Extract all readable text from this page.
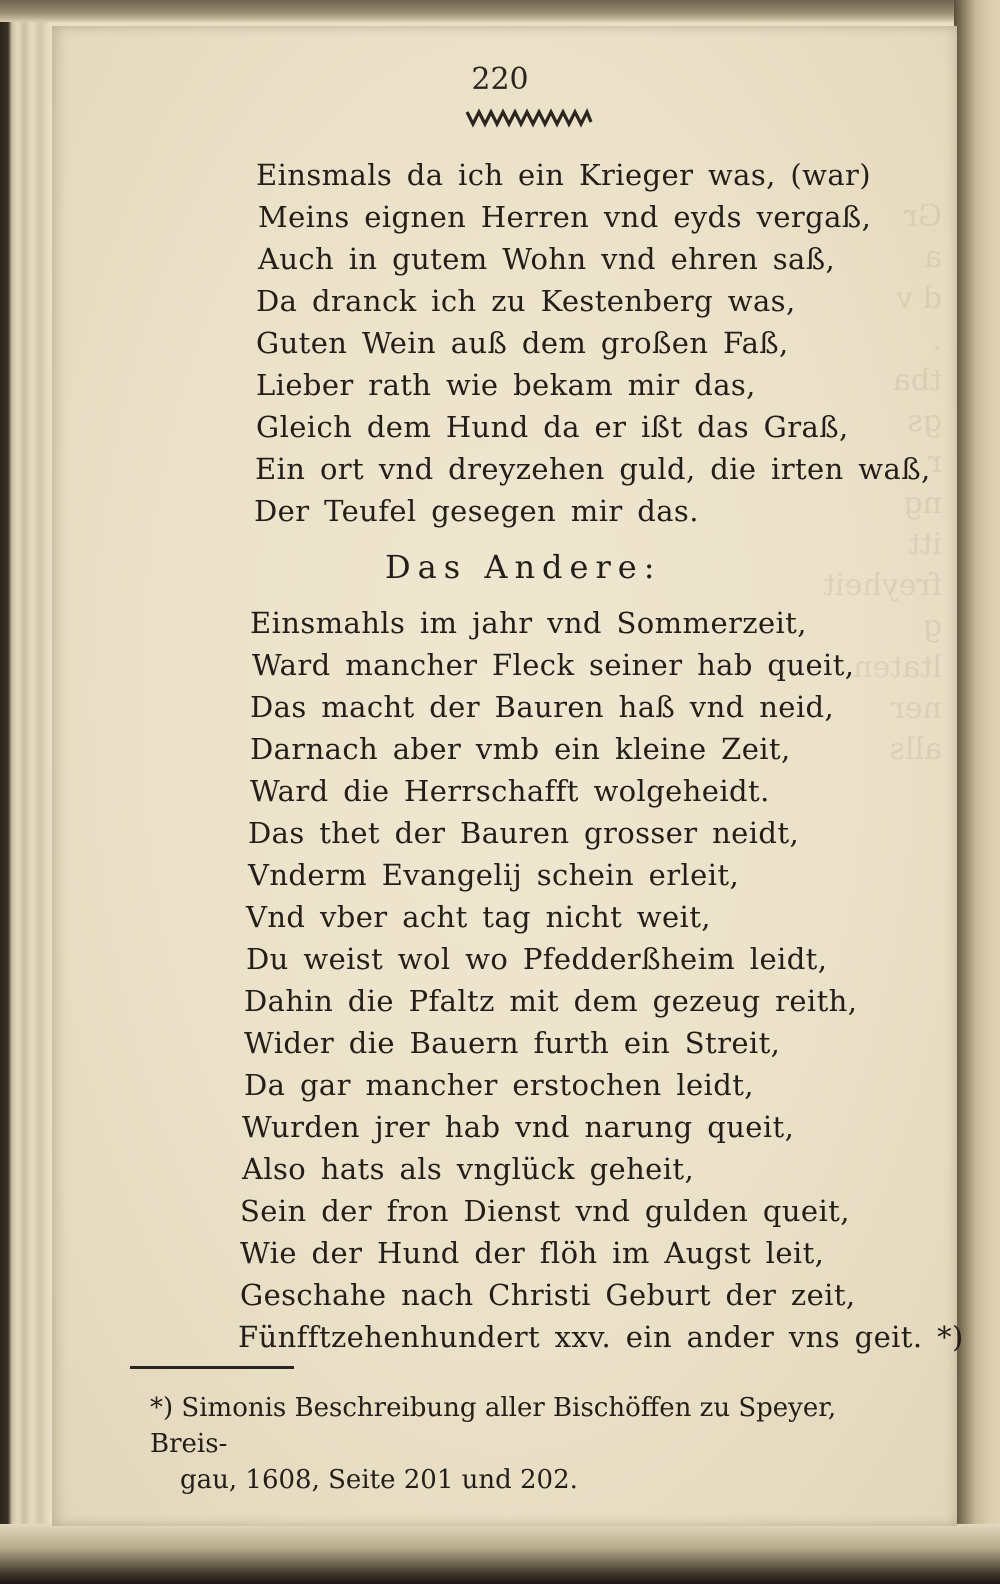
Gr
a
d v
.
tba
gs
r
ng
itt
freyheit
g
ltaten
ner
alls
220
Einsmals da ich ein Krieger was, (war)
Meins eignen Herren vnd eyds vergaß,
Auch in gutem Wohn vnd ehren saß,
Da dranck ich zu Kestenberg was,
Guten Wein auß dem großen Faß,
Lieber rath wie bekam mir das,
Gleich dem Hund da er ißt das Graß,
Ein ort vnd dreyzehen guld, die irten waß,
Der Teufel gesegen mir das.
Das Andere:
Einsmahls im jahr vnd Sommerzeit,
Ward mancher Fleck seiner hab queit,
Das macht der Bauren haß vnd neid,
Darnach aber vmb ein kleine Zeit,
Ward die Herrschafft wolgeheidt.
Das thet der Bauren grosser neidt,
Vnderm Evangelij schein erleit,
Vnd vber acht tag nicht weit,
Du weist wol wo Pfedderßheim leidt,
Dahin die Pfaltz mit dem gezeug reith,
Wider die Bauern furth ein Streit,
Da gar mancher erstochen leidt,
Wurden jrer hab vnd narung queit,
Also hats als vnglück geheit,
Sein der fron Dienst vnd gulden queit,
Wie der Hund der flöh im Augst leit,
Geschahe nach Christi Geburt der zeit,
Fünfftzehenhundert xxv. ein ander vns geit. *)
*) Simonis Beschreibung aller Bischöffen zu Speyer, Breis-
gau, 1608, Seite 201 und 202.
